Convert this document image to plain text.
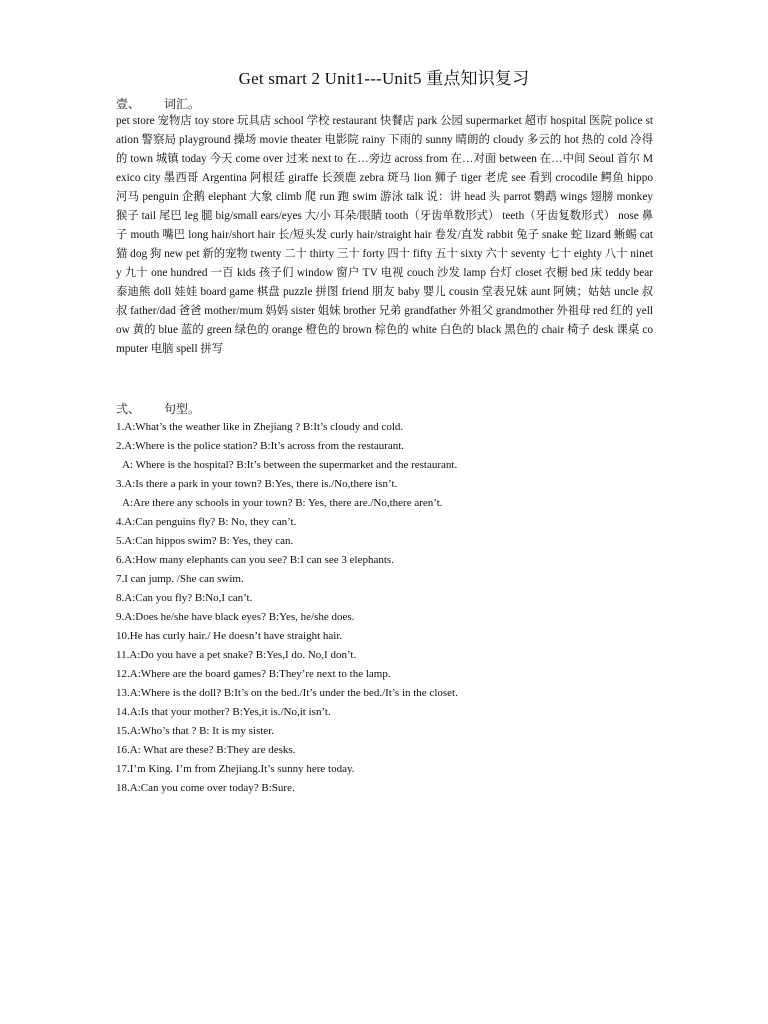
Get smart 2 Unit1---Unit5 重点知识复习
壹、        词汇。
pet store 宠物店 toy store 玩具店 school 学校 restaurant 快餐店 park 公园 supermarket 超市 hospital 医院 police station 警察局 playground 操场 movie theater 电影院 rainy 下雨的 sunny 晴朗的 cloudy 多云的 hot 热的 cold 冷得的 town 城镇 today 今天 come over 过来 next to 在…旁边 across from 在…对面 between 在…中间 Seoul 首尔 Mexico city 墨西哥 Argentina 阿根廷 giraffe 长颈鹿 zebra 斑马 lion 狮子 tiger 老虎 see 看到 crocodile 鳄鱼 hippo 河马 penguin 企鹅 elephant 大象 climb 爬 run 跑 swim 游泳 talk 说：讲 head 头 parrot 鹦鹉 wings 翅膀 monkey 猴子 tail 尾巴 leg 腿 big/small ears/eyes 大/小 耳朵/眼睛 tooth（牙齿单数形式） teeth（牙齿复数形式） nose 鼻子 mouth 嘴巴 long hair/short hair 长/短头发 curly hair/straight hair 卷发/直发 rabbit 兔子 snake 蛇 lizard 蜥蜴 cat 猫 dog 狗 new pet 新的宠物 twenty 二十 thirty 三十 forty 四十 fifty 五十 sixty 六十 seventy 七十 eighty 八十 ninety 九十 one hundred 一百 kids 孩子们 window 窗户 TV 电视 couch 沙发 lamp 台灯 closet 衣橱 bed 床 teddy bear 泰迪熊 doll 娃娃 board game 棋盘 puzzle 拼图 friend 朋友 baby 婴儿 cousin 堂表兄妹 aunt 阿姨；姑姑 uncle 叔叔 father/dad 爸爸 mother/mum 妈妈 sister 姐妹 brother 兄弟 grandfather 外祖父 grandmother 外祖母 red 红的 yellow 黄的 blue 蓝的 green 绿色的 orange 橙色的 brown 棕色的 white 白色的 black 黑色的 chair 椅子 desk 课桌 computer 电脑 spell 拼写
弍、        句型。
1.A:What’s the weather like in Zhejiang ? B:It’s cloudy and cold.
2.A:Where is the police station? B:It’s across from the restaurant.
A: Where is the hospital? B:It’s between the supermarket and the restaurant.
3.A:Is there a park in your town? B:Yes, there is./No,there isn’t.
A:Are there any schools in your town? B: Yes, there are./No,there aren’t.
4.A:Can penguins fly? B: No, they can’t.
5.A:Can hippos swim? B: Yes, they can.
6.A:How many elephants can you see? B:I can see 3 elephants.
7.I can jump. /She can swim.
8.A:Can you fly? B:No,I can’t.
9.A:Does he/she have black eyes? B:Yes, he/she does.
10.He has curly hair./ He doesn’t have straight hair.
11.A:Do you have a pet snake? B:Yes,I do. No,I don’t.
12.A:Where are the board games? B:They’re next to the lamp.
13.A:Where is the doll? B:It’s on the bed./It’s under the bed./It’s in the closet.
14.A:Is that your mother? B:Yes,it is./No,it isn’t.
15.A:Who’s that ? B: It is my sister.
16.A: What are these? B:They are desks.
17.I’m King. I’m from Zhejiang.It’s sunny here today.
18.A:Can you come over today? B:Sure.
